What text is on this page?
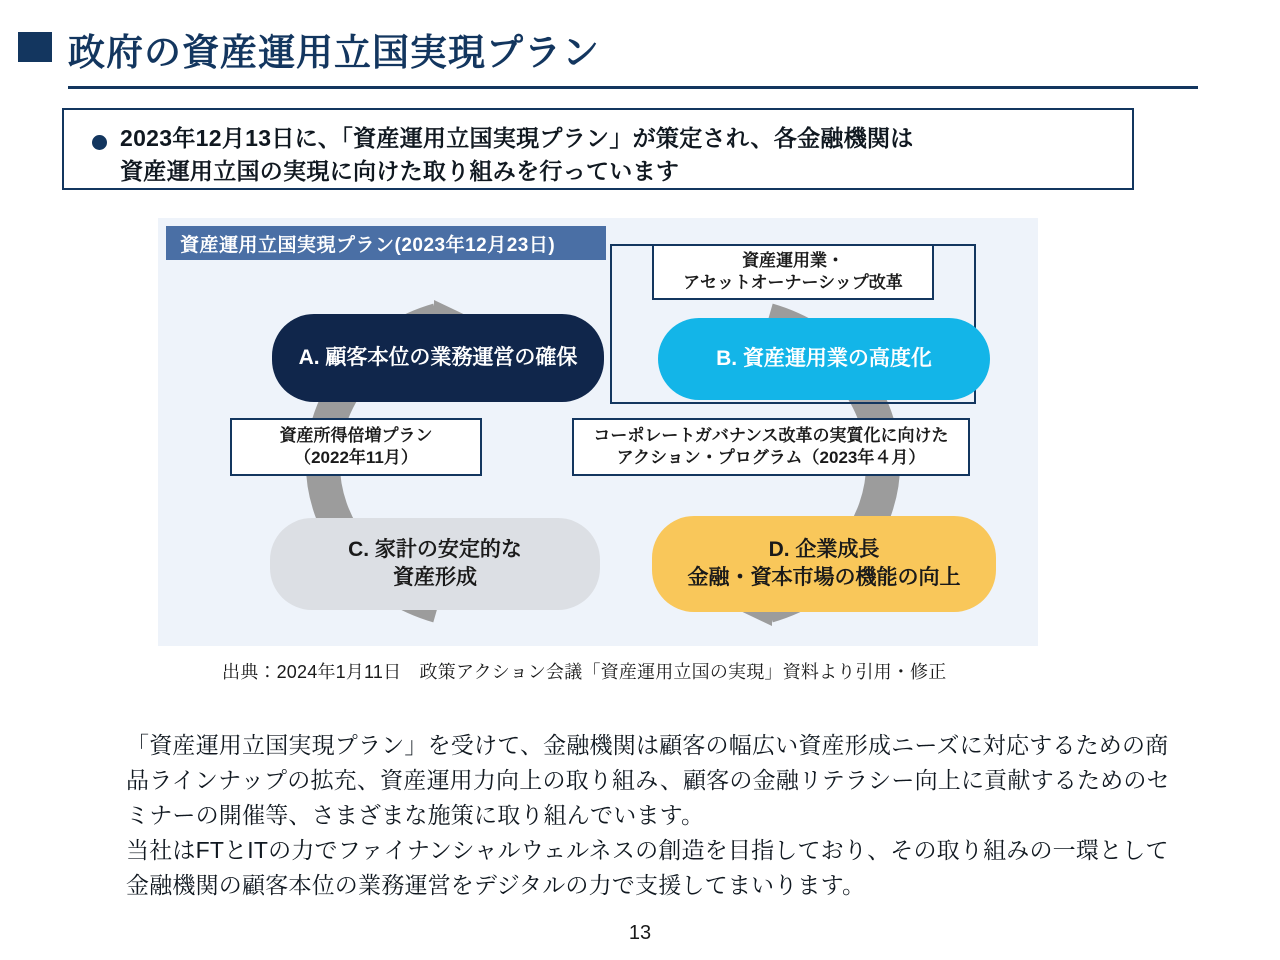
政府の資産運用立国実現プラン
2023年12月13日に、「資産運用立国実現プラン」が策定され、各金融機関は
資産運用立国の実現に向けた取り組みを行っています
資産運用立国実現プラン(2023年12月23日)
A. 顧客本位の業務運営の確保	B. 資産運用業の高度化
C. 家計の安定的な
資産形成
D. 企業成長
金融・資本市場の機能の向上
資産運用業・
アセットオーナーシップ改革
資産所得倍増プラン
（2022年11月）
コーポレートガバナンス改革の実質化に向けた
アクション・プログラム（2023年４月）
出典：2024年1月11日　政策アクション会議「資産運用立国の実現」資料より引用・修正

「資産運用立国実現プラン」を受けて、金融機関は顧客の幅広い資産形成ニーズに対応するための商品ラインナップの拡充、資産運用力向上の取り組み、顧客の金融リテラシー向上に貢献するためのセミナーの開催等、さまざまな施策に取り組んでいます。

当社はFTとITの力でファイナンシャルウェルネスの創造を目指しており、その取り組みの一環として金融機関の顧客本位の業務運営をデジタルの力で支援してまいります。

13
